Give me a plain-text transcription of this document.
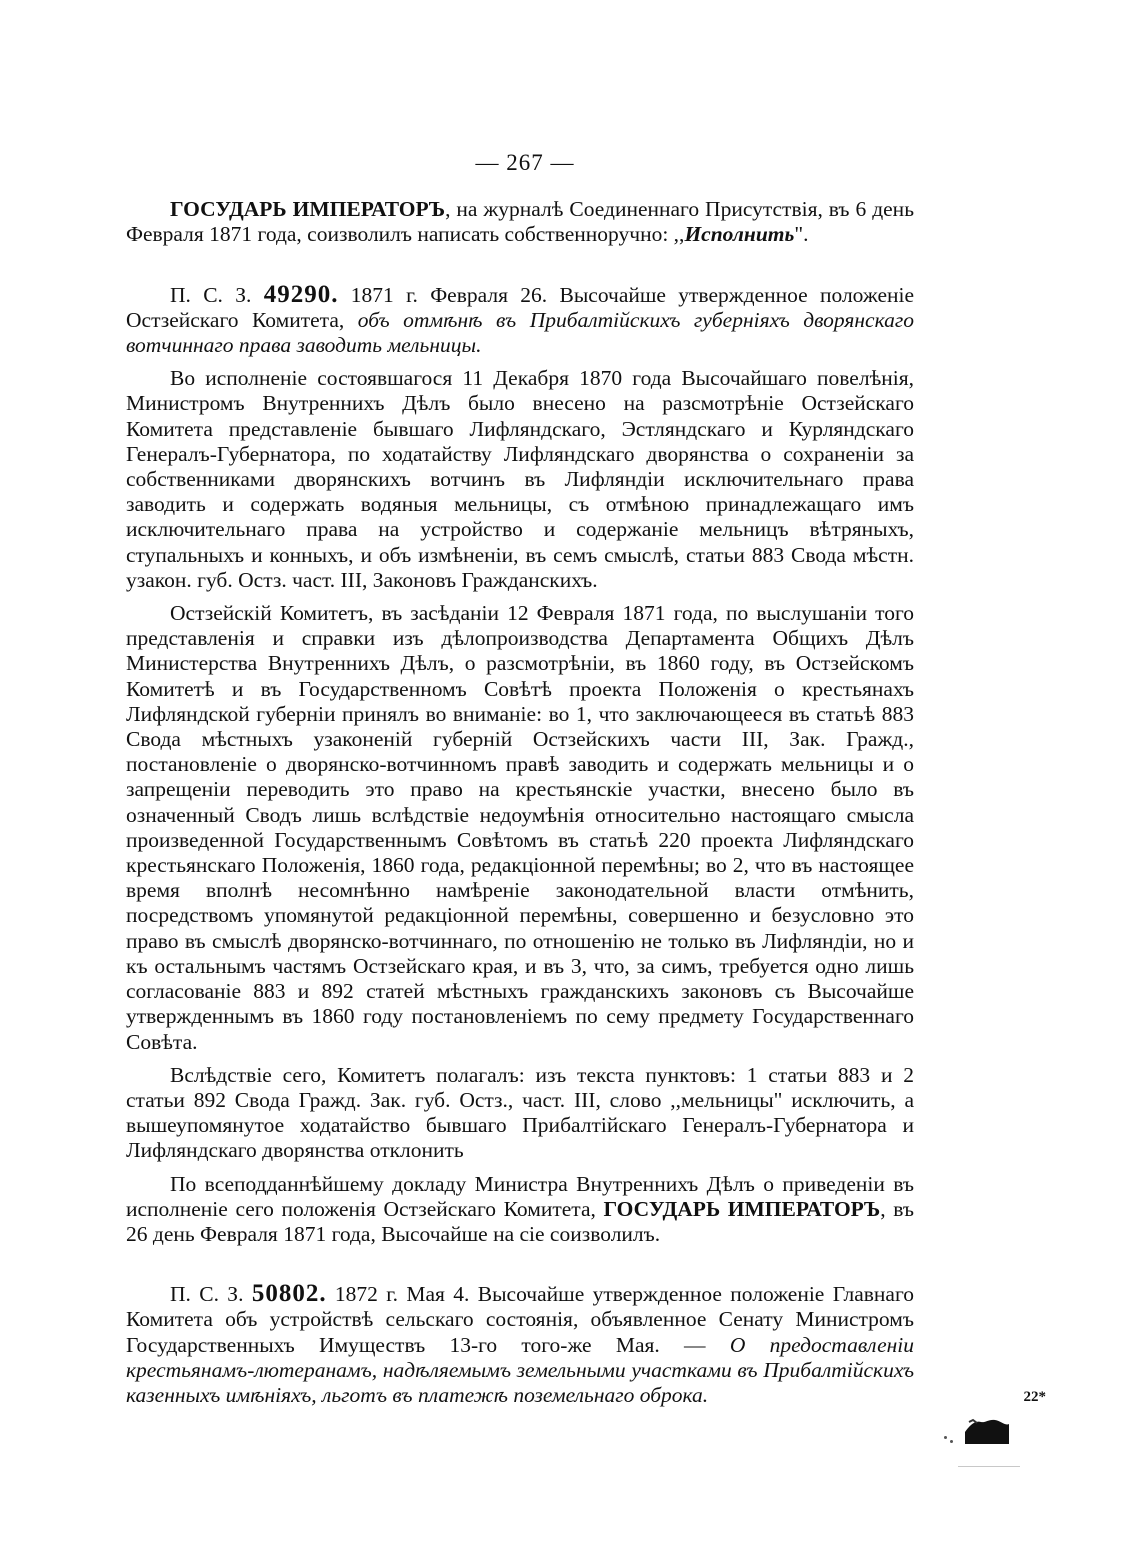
— 267 —

ГОСУДАРЬ ИМПЕРАТОРЪ, на журналѣ Соединеннаго Присутствія, въ 6 день Февраля 1871 года, соизволилъ написать собственноручно: ,,Исполнить".

П. С. З. 49290. 1871 г. Февраля 26. Высочайше утвержденное положеніе Остзейскаго Комитета, объ отмѣнѣ въ Прибалтійскихъ губерніяхъ дворянскаго вотчиннаго права заводить мельницы.

Во исполненіе состоявшагося 11 Декабря 1870 года Высочайшаго повелѣнія, Министромъ Внутреннихъ Дѣлъ было внесено на разсмотрѣніе Остзейскаго Комитета представленіе бывшаго Лифляндскаго, Эстляндскаго и Курляндскаго Генералъ-Губернатора, по ходатайству Лифляндскаго дворянства о сохраненіи за собственниками дворянскихъ вотчинъ въ Лифляндіи исключительнаго права заводить и содержать водяныя мельницы, съ отмѣною принадлежащаго имъ исключительнаго права на устройство и содержаніе мельницъ вѣтряныхъ, ступальныхъ и конныхъ, и объ измѣненіи, въ семъ смыслѣ, статьи 883 Свода мѣстн. узакон. губ. Остз. част. III, Законовъ Гражданскихъ.

Остзейскій Комитетъ, въ засѣданіи 12 Февраля 1871 года, по выслушаніи того представленія и справки изъ дѣлопроизводства Департамента Общихъ Дѣлъ Министерства Внутреннихъ Дѣлъ, о разсмотрѣніи, въ 1860 году, въ Остзейскомъ Комитетѣ и въ Государственномъ Совѣтѣ проекта Положенія о крестьянахъ Лифляндской губерніи принялъ во вниманіе: во 1, что заключающееся въ статьѣ 883 Свода мѣстныхъ узаконеній губерній Остзейскихъ части III, Зак. Гражд., постановленіе о дворянско-вотчинномъ правѣ заводить и содержать мельницы и о запрещеніи переводить это право на крестьянскіе участки, внесено было въ означенный Сводъ лишь вслѣдствіе недоумѣнія относительно настоящаго смысла произведенной Государственнымъ Совѣтомъ въ статьѣ 220 проекта Лифляндскаго крестьянскаго Положенія, 1860 года, редакціонной перемѣны; во 2, что въ настоящее время вполнѣ несомнѣнно намѣреніе законодательной власти отмѣнить, посредствомъ упомянутой редакціонной перемѣны, совершенно и безусловно это право въ смыслѣ дворянско-вотчиннаго, по отношенію не только въ Лифляндіи, но и къ остальнымъ частямъ Остзейскаго края, и въ 3, что, за симъ, требуется одно лишь согласованіе 883 и 892 статей мѣстныхъ гражданскихъ законовъ съ Высочайше утвержденнымъ въ 1860 году постановленіемъ по сему предмету Государственнаго Совѣта.

Вслѣдствіе сего, Комитетъ полагалъ: изъ текста пунктовъ: 1 статьи 883 и 2 статьи 892 Свода Гражд. Зак. губ. Остз., част. III, слово ,,мельницы" исключить, а вышеупомянутое ходатайство бывшаго Прибалтійскаго Генералъ-Губернатора и Лифляндскаго дворянства отклонить

По всеподданнѣйшему докладу Министра Внутреннихъ Дѣлъ о приведеніи въ исполненіе сего положенія Остзейскаго Комитета, ГОСУДАРЬ ИМПЕРАТОРЪ, въ 26 день Февраля 1871 года, Высочайше на сіе соизволилъ.

П. С. З. 50802. 1872 г. Мая 4. Высочайше утвержденное положеніе Главнаго Комитета объ устройствѣ сельскаго состоянія, объявленное Сенату Министромъ Государственныхъ Имуществъ 13-го того-же Мая. — О предоставленіи крестьянамъ-лютеранамъ, надѣляемымъ земельными участками въ Прибалтійскихъ казенныхъ имѣніяхъ, льготъ въ платежѣ поземельнаго оброка.	22*
